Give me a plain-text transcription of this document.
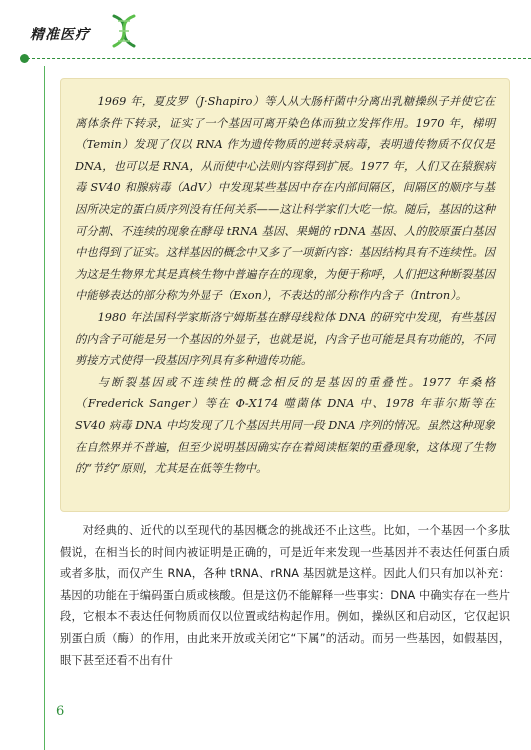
精准医疗

1969 年，夏皮罗（J·Shapiro）等人从大肠杆菌中分离出乳糖操纵子并使它在离体条件下转录，证实了一个基因可离开染色体而独立发挥作用。1970 年，梯明（Temin）发现了仅以 RNA 作为遗传物质的逆转录病毒，表明遗传物质不仅仅是 DNA，也可以是 RNA，从而使中心法则内容得到扩展。1977 年，人们又在猿猴病毒 SV40 和腺病毒（AdV）中发现某些基因中存在内部间隔区，间隔区的顺序与基因所决定的蛋白质序列没有任何关系——这让科学家们大吃一惊。随后，基因的这种可分割、不连续的现象在酵母 tRNA 基因、果蝇的 rDNA 基因、人的胶原蛋白基因中也得到了证实。这样基因的概念中又多了一项新内容：基因结构具有不连续性。因为这是生物界尤其是真核生物中普遍存在的现象，为便于称呼，人们把这种断裂基因中能够表达的部分称为外显子（Exon），不表达的部分称作内含子（Intron）。

1980 年法国科学家斯洛宁姆斯基在酵母线粒体 DNA 的研究中发现，有些基因的内含子可能是另一个基因的外显子，也就是说，内含子也可能是具有功能的，不同剪接方式使得一段基因序列具有多种遗传功能。

与断裂基因或不连续性的概念相反的是基因的重叠性。1977 年桑格（Frederick Sanger）等在 Φ-X174 噬菌体 DNA 中、1978 年菲尔斯等在 SV40 病毒 DNA 中均发现了几个基因共用同一段 DNA 序列的情况。虽然这种现象在自然界并不普遍，但至少说明基因确实存在着阅读框架的重叠现象，这体现了生物的“节约”原则，尤其是在低等生物中。

对经典的、近代的以至现代的基因概念的挑战还不止这些。比如，一个基因一个多肽假说，在相当长的时间内被证明是正确的，可是近年来发现一些基因并不表达任何蛋白质或者多肽，而仅产生 RNA，各种 tRNA、rRNA 基因就是这样。因此人们只有加以补充：基因的功能在于编码蛋白质或核酸。但是这仍不能解释一些事实：DNA 中确实存在一些片段，它根本不表达任何物质而仅以位置或结构起作用。例如，操纵区和启动区，它仅起识别蛋白质（酶）的作用，由此来开放或关闭它“下属”的活动。而另一些基因，如假基因，眼下甚至还看不出有什

6
